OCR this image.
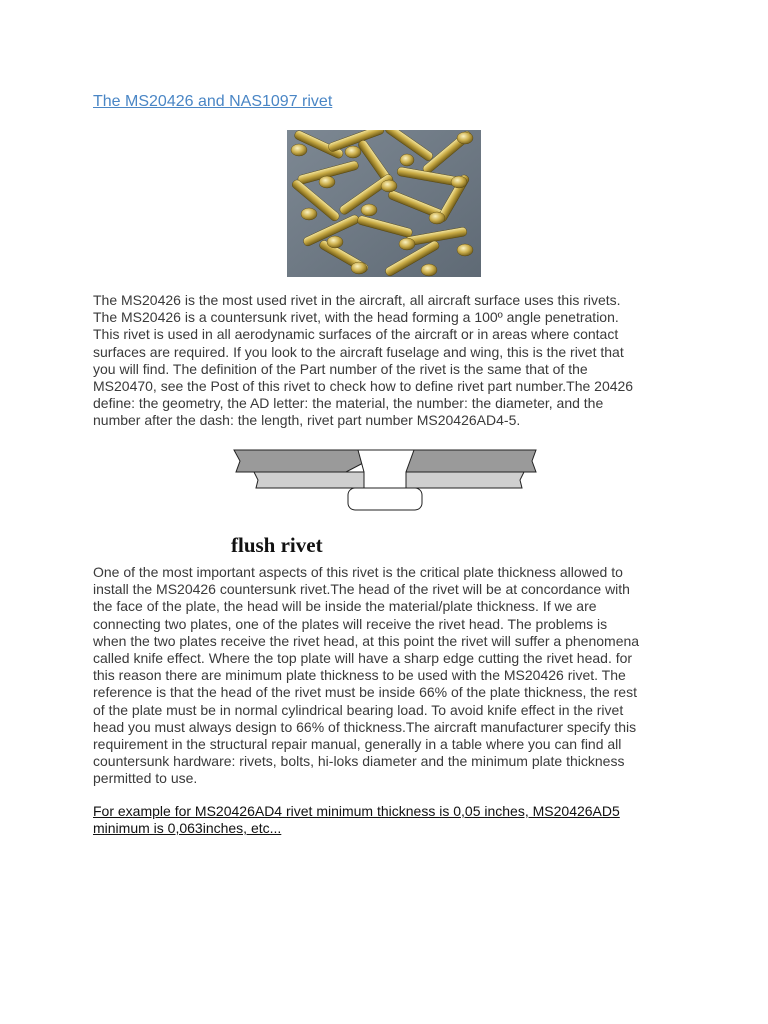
The MS20426 and NAS1097 rivet

The MS20426 is the most used rivet in the aircraft, all aircraft surface uses this rivets.
The MS20426 is a countersunk rivet, with the head forming a 100º angle penetration.
This rivet is used in all aerodynamic surfaces of the aircraft or in areas where contact
surfaces are required. If you look to the aircraft fuselage and wing, this is the rivet that
you will find. The definition of the Part number of the rivet is the same that of the
MS20470, see the Post of this rivet to check how to define rivet part number.The 20426
define: the geometry, the AD letter: the material, the number: the diameter, and the
number after the dash: the length, rivet part number MS20426AD4-5.

flush rivet

One of the most important aspects of this rivet is the critical plate thickness allowed to
install the MS20426 countersunk rivet.The head of the rivet will be at concordance with
the face of the plate, the head will be inside the material/plate thickness. If we are
connecting two plates, one of the plates will receive the rivet head. The problems is
when the two plates receive the rivet head, at this point the rivet will suffer a phenomena
called knife effect. Where the top plate will have a sharp edge cutting the rivet head. for
this reason there are minimum plate thickness to be used with the MS20426 rivet. The
reference is that the head of the rivet must be inside 66% of the plate thickness, the rest
of the plate must be in normal cylindrical bearing load. To avoid knife effect in the rivet
head you must always design to 66% of thickness.The aircraft manufacturer specify this
requirement in the structural repair manual, generally in a table where you can find all
countersunk hardware: rivets, bolts, hi-loks diameter and the minimum plate thickness
permitted to use.

For example for MS20426AD4 rivet minimum thickness is 0,05 inches, MS20426AD5
minimum is 0,063inches, etc...
